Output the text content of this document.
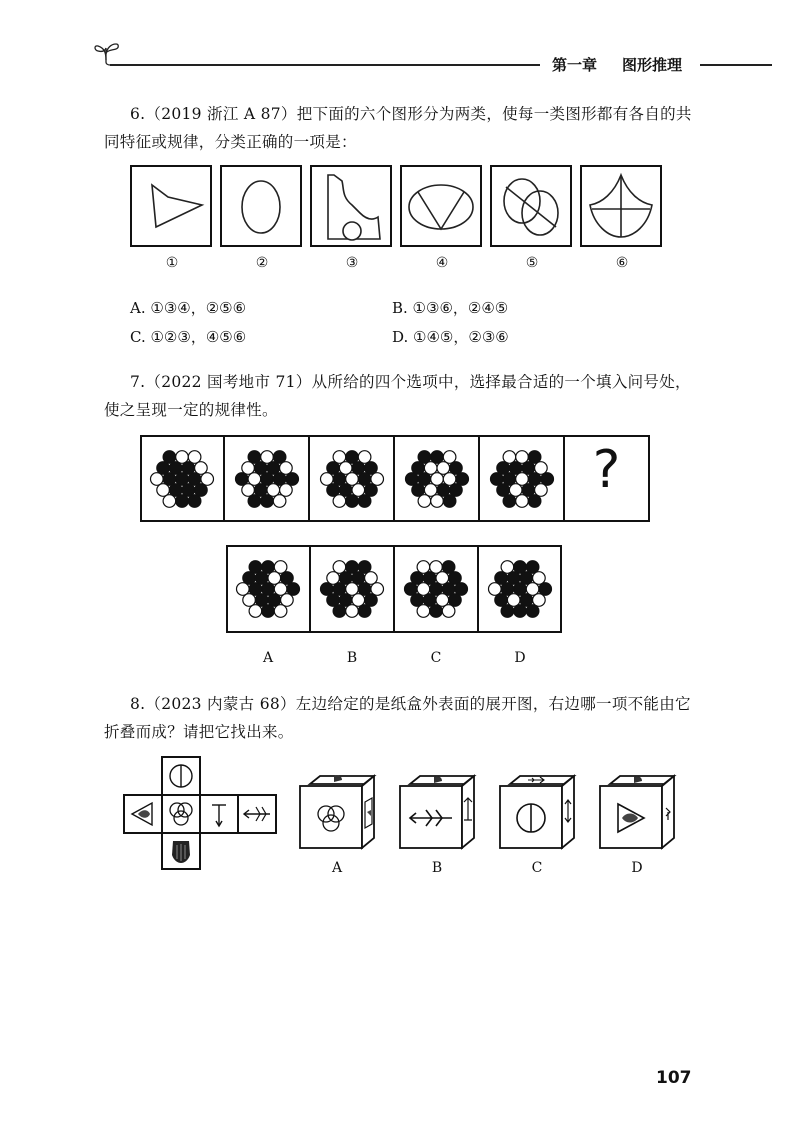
第一章 图形推理
6.（2019 浙江 A 87）把下面的六个图形分为两类，使每一类图形都有各自的共
同特征或规律，分类正确的一项是：
①	②	③	④	⑤	⑥
A. ①③④，②⑤⑥	B. ①③⑥，②④⑤
C. ①②③，④⑤⑥	D. ①④⑤，②③⑥
7.（2022 国考地市 71）从所给的四个选项中，选择最合适的一个填入问号处，
使之呈现一定的规律性。
?
A	B	C	D
8.（2023 内蒙古 68）左边给定的是纸盒外表面的展开图，右边哪一项不能由它
折叠而成？请把它找出来。
A	B	C	D
107
